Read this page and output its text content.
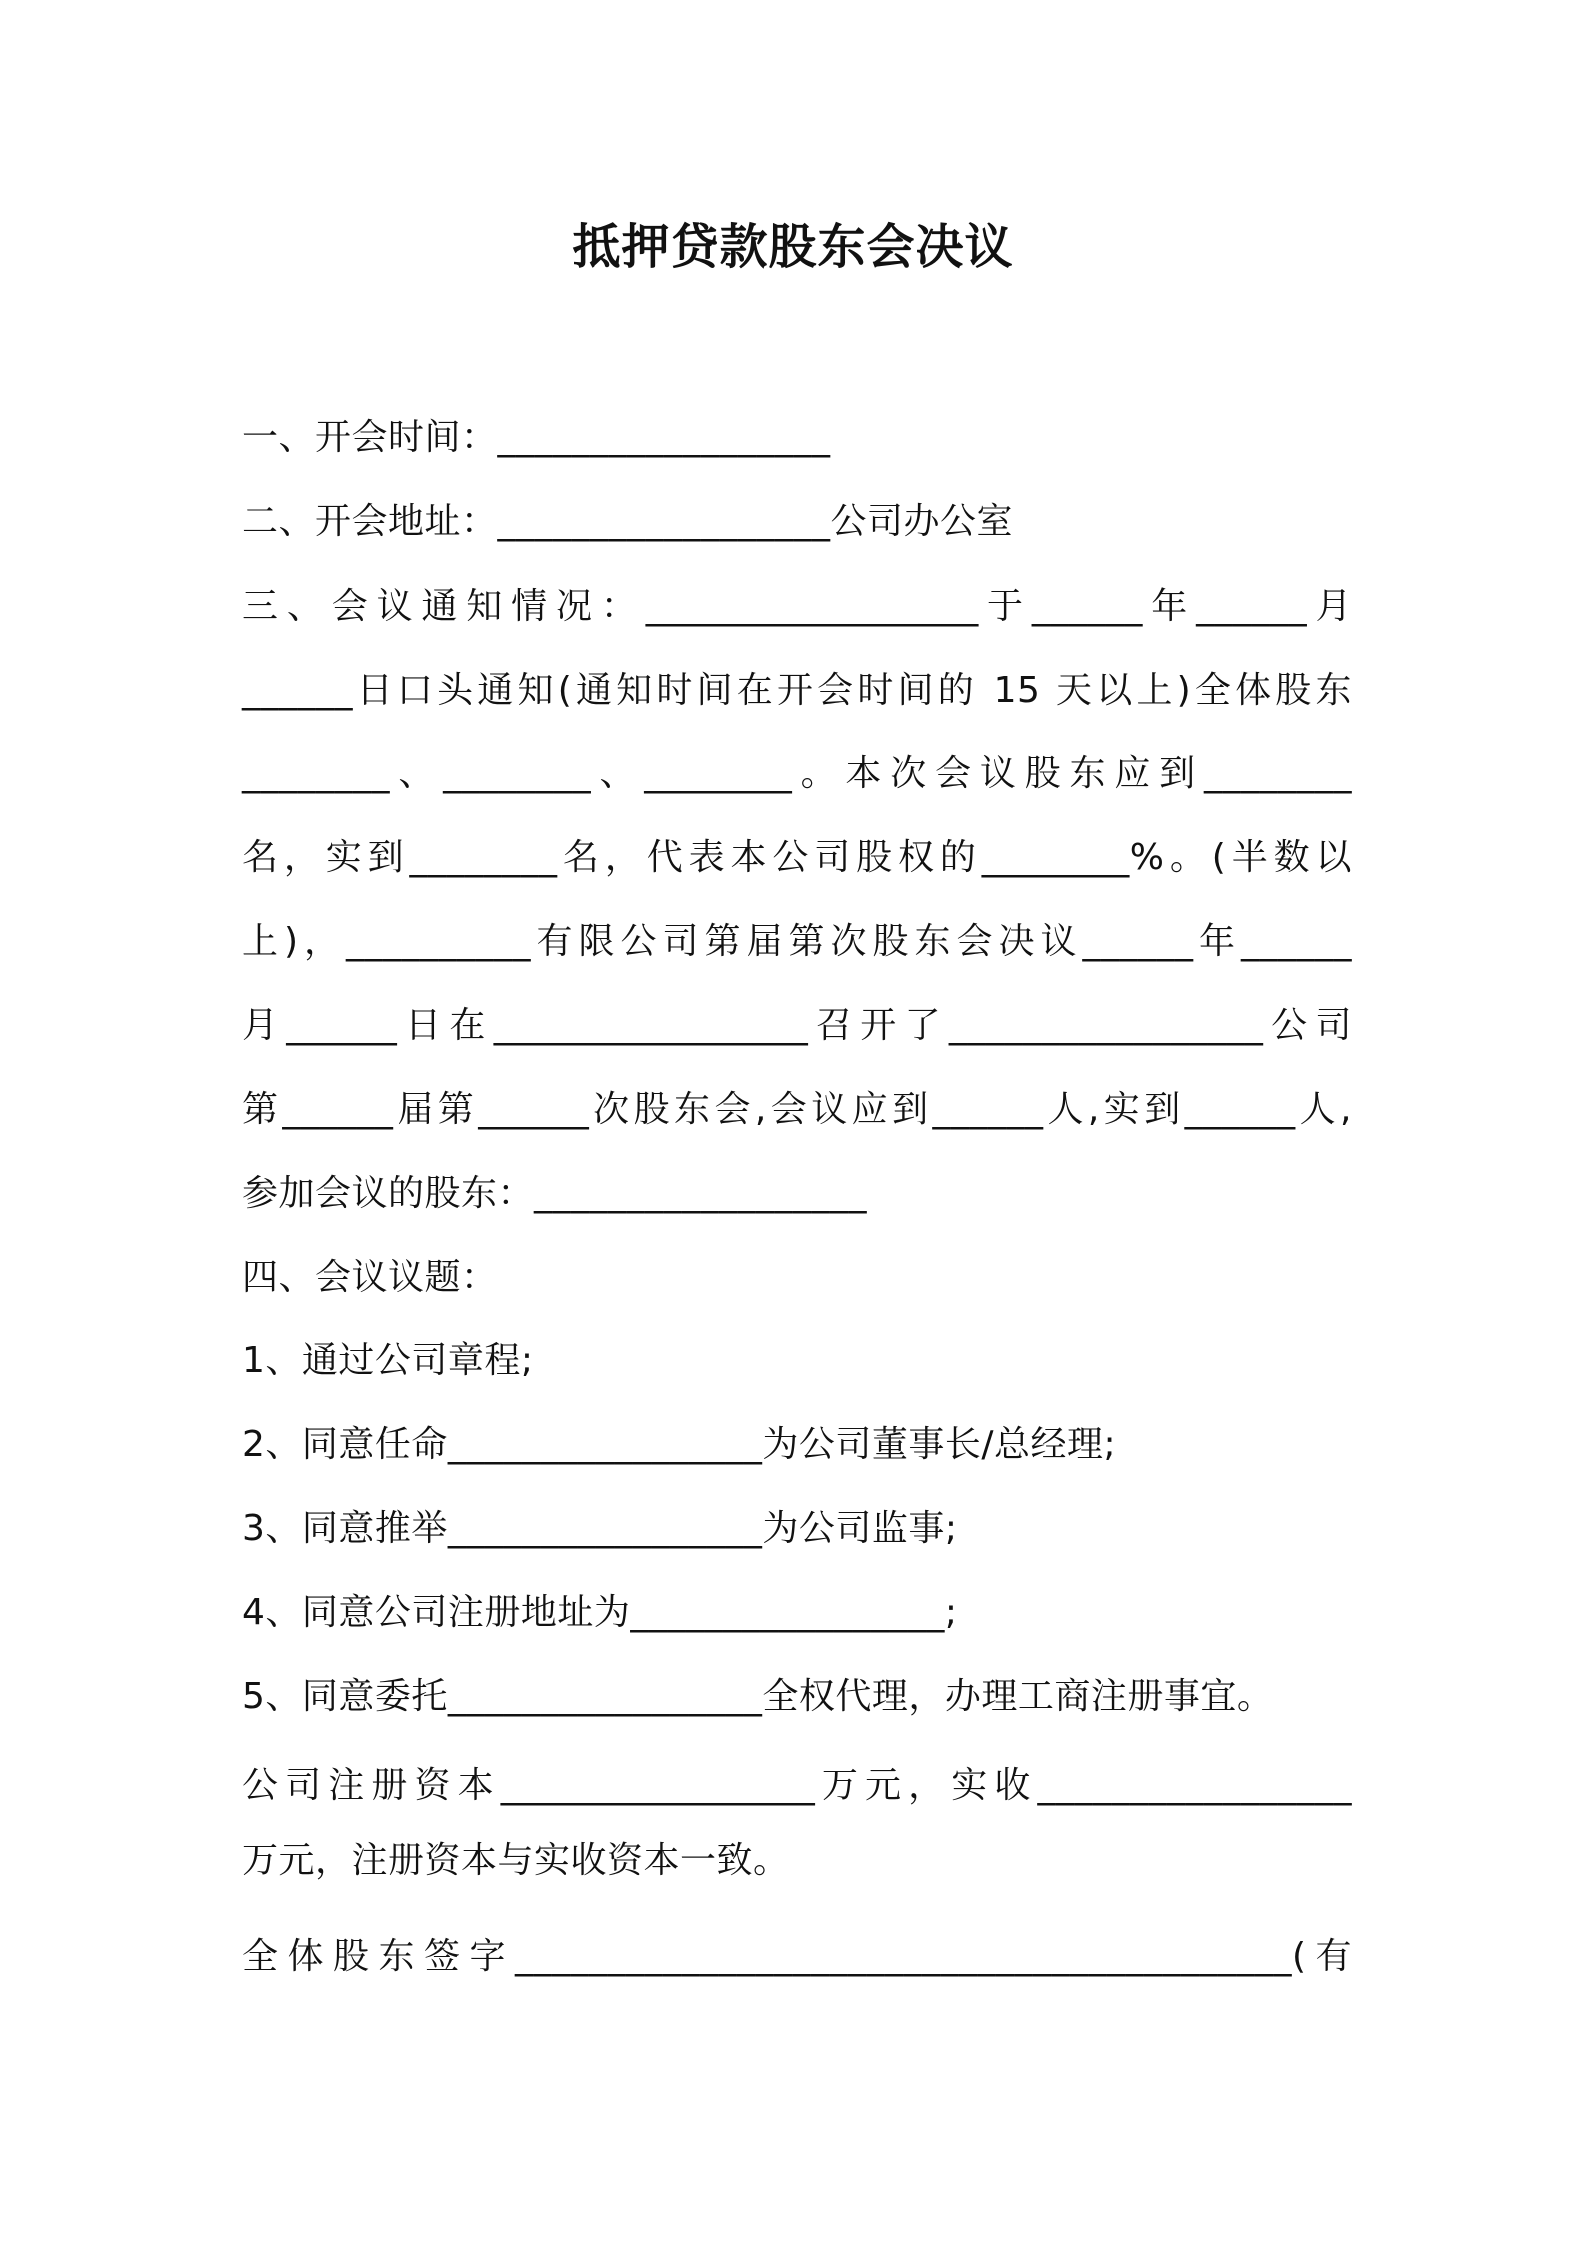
抵押贷款股东会决议
一、开会时间：__________________
二、开会地址：__________________公司办公室
三、会议通知情况：__________________于______年______月
______日口头通知(通知时间在开会时间的 15 天以上)全体股东
________、________、________。本次会议股东应到________
名，实到________名，代表本公司股权的________%。(半数以
上)，__________有限公司第届第次股东会决议______年______
月______日在_________________召开了_________________公司
第______届第______次股东会,会议应到______人,实到______人,
参加会议的股东：__________________
四、会议议题：
1、通过公司章程;
2、同意任命_________________为公司董事长/总经理;
3、同意推举_________________为公司监事;
4、同意公司注册地址为_________________;
5、同意委托_________________全权代理，办理工商注册事宜。
公司注册资本_________________万元，实收_________________
万元，注册资本与实收资本一致。
全体股东签字__________________________________________(有
